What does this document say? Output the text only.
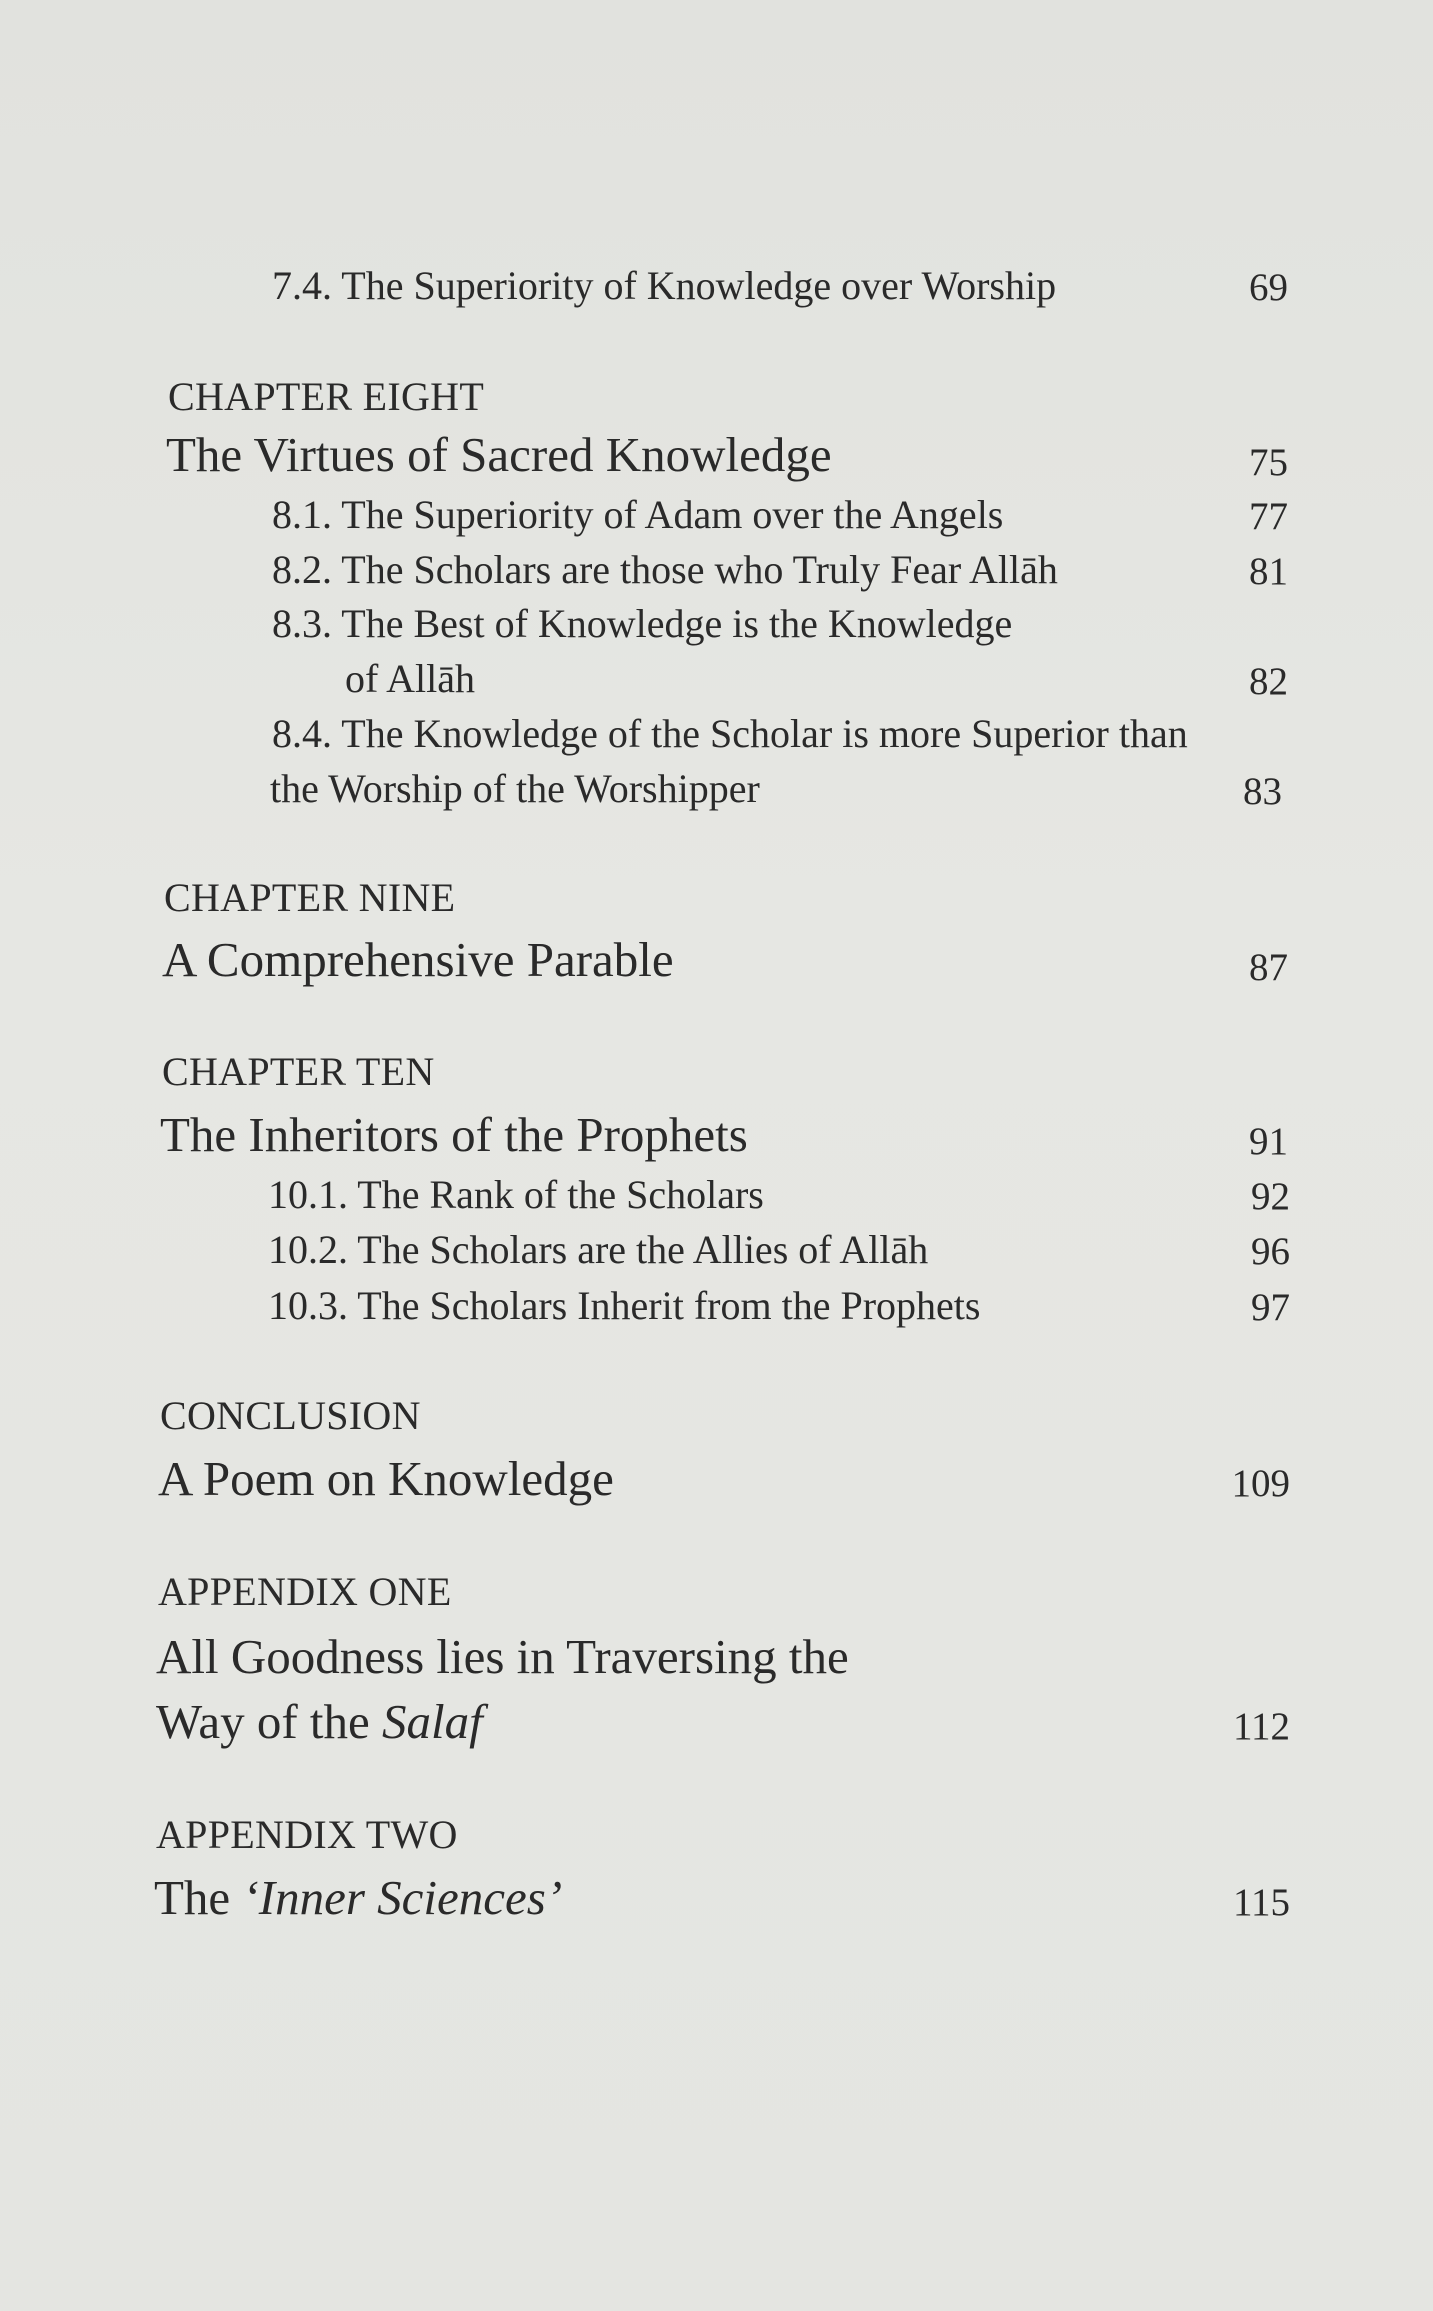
7.4. The Superiority of Knowledge over Worship	69
CHAPTER EIGHT
The Virtues of Sacred Knowledge	75
8.1. The Superiority of Adam over the Angels	77
8.2. The Scholars are those who Truly Fear Allāh	81
8.3. The Best of Knowledge is the Knowledge
of Allāh	82
8.4. The Knowledge of the Scholar is more Superior than
the Worship of the Worshipper	83
CHAPTER NINE
A Comprehensive Parable	87
CHAPTER TEN
The Inheritors of the Prophets	91
10.1. The Rank of the Scholars	92
10.2. The Scholars are the Allies of Allāh	96
10.3. The Scholars Inherit from the Prophets	97
CONCLUSION
A Poem on Knowledge	109
APPENDIX ONE
All Goodness lies in Traversing the
Way of the Salaf	112
APPENDIX TWO
The ‘Inner Sciences’	115
